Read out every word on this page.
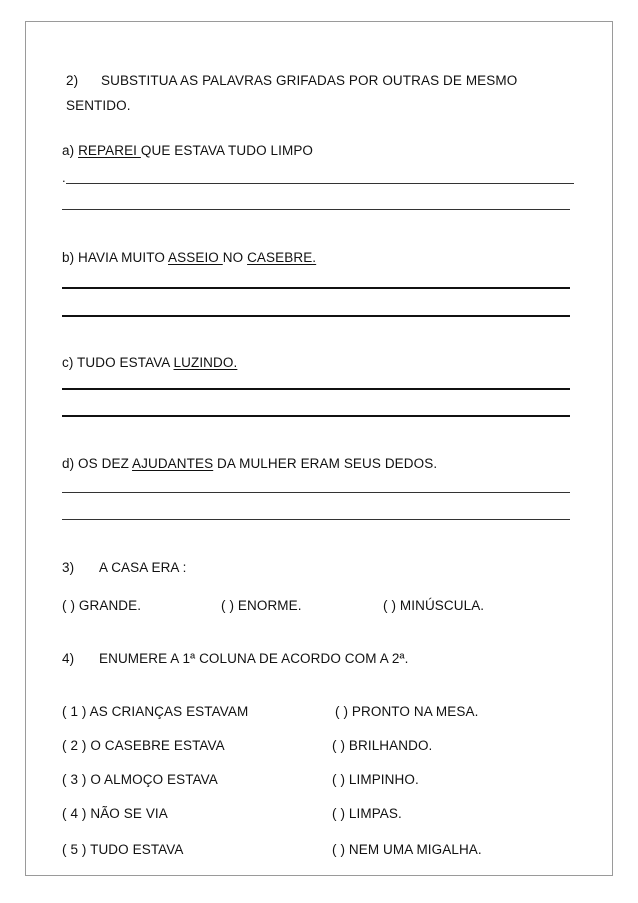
2) SUBSTITUA AS PALAVRAS GRIFADAS POR OUTRAS DE MESMO
SENTIDO.
a) REPAREI QUE ESTAVA TUDO LIMPO
.
b) HAVIA MUITO ASSEIO NO CASEBRE.
c) TUDO ESTAVA LUZINDO.
d) OS DEZ AJUDANTES DA MULHER ERAM SEUS DEDOS.
3) A CASA ERA :
( ) GRANDE.	( ) ENORME.	( ) MINÚSCULA.
4) ENUMERE A 1ª COLUNA DE ACORDO COM A 2ª.
( 1 ) AS CRIANÇAS ESTAVAM
( 2 ) O CASEBRE ESTAVA
( 3 ) O ALMOÇO ESTAVA
( 4 ) NÃO SE VIA
( 5 ) TUDO ESTAVA
( ) PRONTO NA MESA.
( ) BRILHANDO.
( ) LIMPINHO.
( ) LIMPAS.
( ) NEM UMA MIGALHA.
